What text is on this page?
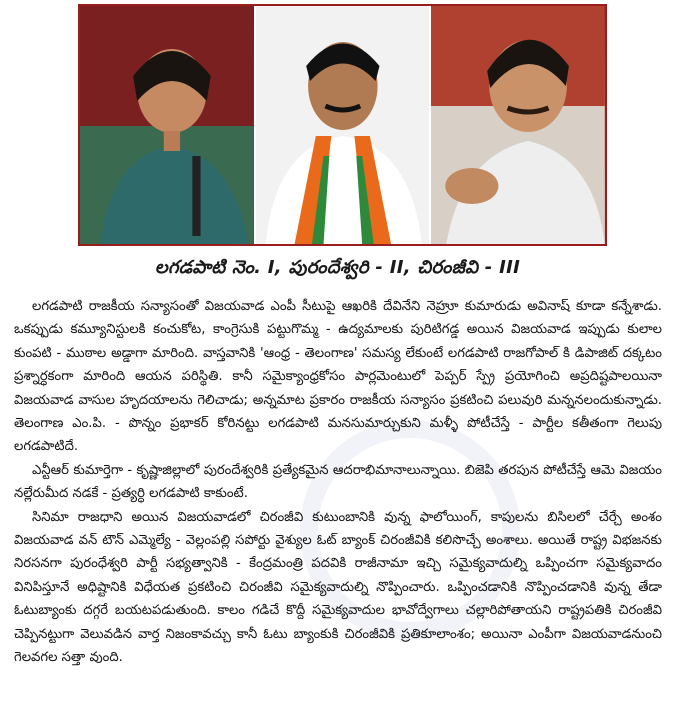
లగడపాటి నెం. I, పురందేశ్వరి - II, చిరంజీవి - III

లగడపాటి రాజకీయ సన్యాసంతో విజయవాడ ఎంపీ సీటుపై ఆఖరికి దేవినేని నెహ్రూ కుమారుడు అవినాష్ కూడా కన్నేశాడు. ఒకప్పుడు కమ్యూనిస్టులకి కంచుకోట, కాంగ్రెసుకి పట్టుగొమ్మ - ఉద్యమాలకు పురిటిగడ్డ అయిన విజయవాడ ఇప్పుడు కులాల కుంపటి - ముఠాల అడ్డాగా మారింది. వాస్తవానికి 'ఆంధ్ర - తెలంగాణ' సమస్య లేకుంటే లగడపాటి రాజగోపాల్ కి డిపాజిట్ దక్కటం ప్రశ్నార్ధకంగా మారింది ఆయన పరిస్థితి. కానీ సమైక్యాంధ్రకోసం పార్లమెంటులో పెప్పర్ స్ప్రే ప్రయోగించి అప్రదిష్టపాలయినా విజయవాడ వాసుల హృదయాలను గెలిచాడు; అన్నమాట ప్రకారం రాజకీయ సన్యాసం ప్రకటించి పలువురి మన్ననలందుకున్నాడు. తెలంగాణ ఎం.పి. - పొన్నం ప్రభాకర్ కోరినట్టు లగడపాటి మనసుమార్చుకుని మళ్ళీ పోటీచేస్తే - పార్టీల కతీతంగా గెలుపు లగడపాటిదే.

ఎన్టీఆర్ కుమార్తెగా - కృష్ణాజిల్లాలో పురందేశ్వరికి ప్రత్యేకమైన ఆదరాభిమానాలున్నాయి. బిజెపి తరపున పోటీచేస్తే ఆమె విజయం నల్లేరుమీద నడకే - ప్రత్యర్ధి లగడపాటి కాకుంటే.

సినిమా రాజధాని అయిన విజయవాడలో చిరంజీవి కుటుంబానికి వున్న ఫాలోయింగ్, కాపులను బిసిలలో చేర్చే అంశం విజయవాడ వన్ టౌన్ ఎమ్మెల్యే - వెల్లంపల్లి సపోర్టు వైశ్యుల ఓట్ బ్యాంక్ చిరంజీవికి కలిసొచ్చే అంశాలు. అయితే రాష్ట్ర విభజనకు నిరసనగా పురంధేశ్వరి పార్టీ సభ్యత్వానికి - కేంద్రమంత్రి పదవికి రాజీనామా ఇచ్చి సమైక్యవాదుల్ని ఒప్పించగా సమైక్యవాదం వినిపిస్తూనే అధిష్టానికి విధేయత ప్రకటించి చిరంజీవి సమైక్యవాదుల్ని నొప్పించారు. ఒప్పించడానికి నొప్పించడానికి వున్న తేడా ఓటుబ్యాంకు దగ్గరే బయటపడుతుంది. కాలం గడిచే కొద్దీ సమైక్యవాదుల భావోద్వేగాలు చల్లారిపోతాయని రాష్ట్రపతికి చిరంజీవి చెప్పినట్టుగా వెలువడిన వార్త నిజంకావచ్చు కానీ ఓటు బ్యాంకుకి చిరంజీవికి ప్రతికూలాంశం; అయినా ఎంపీగా విజయవాడనుంచి గెలవగల సత్తా వుంది.
